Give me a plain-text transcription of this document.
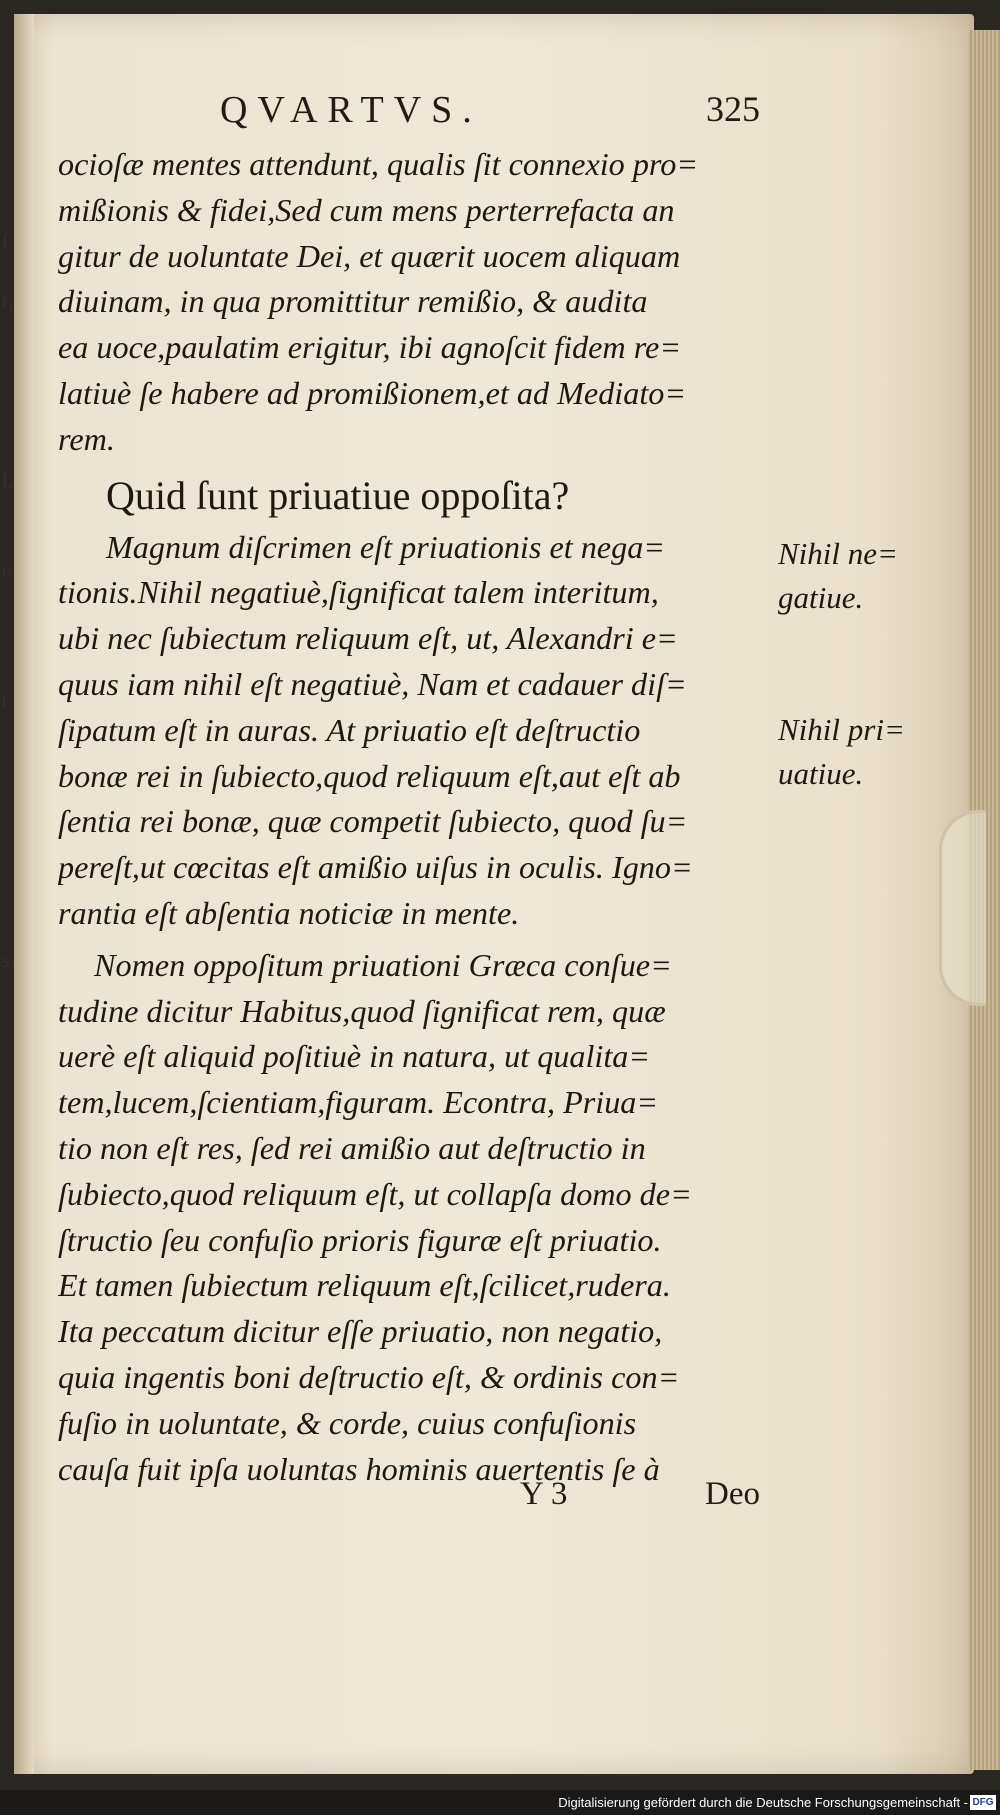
ſ
r,
l,
o
t
s
QVARTVS.	325
ocioſæ mentes attendunt, qualis ſit connexio pro=
mißionis & fidei,Sed cum mens perterrefacta an
gitur de uoluntate Dei, et quærit uocem aliquam
diuinam, in qua promittitur remißio, & audita
ea uoce,paulatim erigitur, ibi agnoſcit fidem re=
latiuè ſe habere ad promißionem,et ad Mediato=
rem.
Quid ſunt priuatiue oppoſita?
Magnum diſcrimen eſt priuationis et nega=
tionis.Nihil negatiuè,ſignificat talem interitum,
ubi nec ſubiectum reliquum eſt, ut, Alexandri e=
quus iam nihil eſt negatiuè, Nam et cadauer diſ=
ſipatum eſt in auras. At priuatio eſt deſtructio
bonæ rei in ſubiecto,quod reliquum eſt,aut eſt ab
ſentia rei bonæ, quæ competit ſubiecto, quod ſu=
pereſt,ut cœcitas eſt amißio uiſus in oculis. Igno=
rantia eſt abſentia noticiæ in mente.
Nomen oppoſitum priuationi Græca conſue=
tudine dicitur Habitus,quod ſignificat rem, quæ
uerè eſt aliquid poſitiuè in natura, ut qualita=
tem,lucem,ſcientiam,figuram. Econtra, Priua=
tio non eſt res, ſed rei amißio aut deſtructio in
ſubiecto,quod reliquum eſt, ut collapſa domo de=
ſtructio ſeu confuſio prioris figuræ eſt priuatio.
Et tamen ſubiectum reliquum eſt,ſcilicet,rudera.
Ita peccatum dicitur eſſe priuatio, non negatio,
quia ingentis boni deſtructio eſt, & ordinis con=
fuſio in uoluntate, & corde, cuius confuſionis
cauſa fuit ipſa uoluntas hominis auertentis ſe à
Nihil ne=
gatiue.
Nihil pri=
uatiue.
Y 3	Deo
Digitalisierung gefördert durch die Deutsche Forschungsgemeinschaft - DFG
